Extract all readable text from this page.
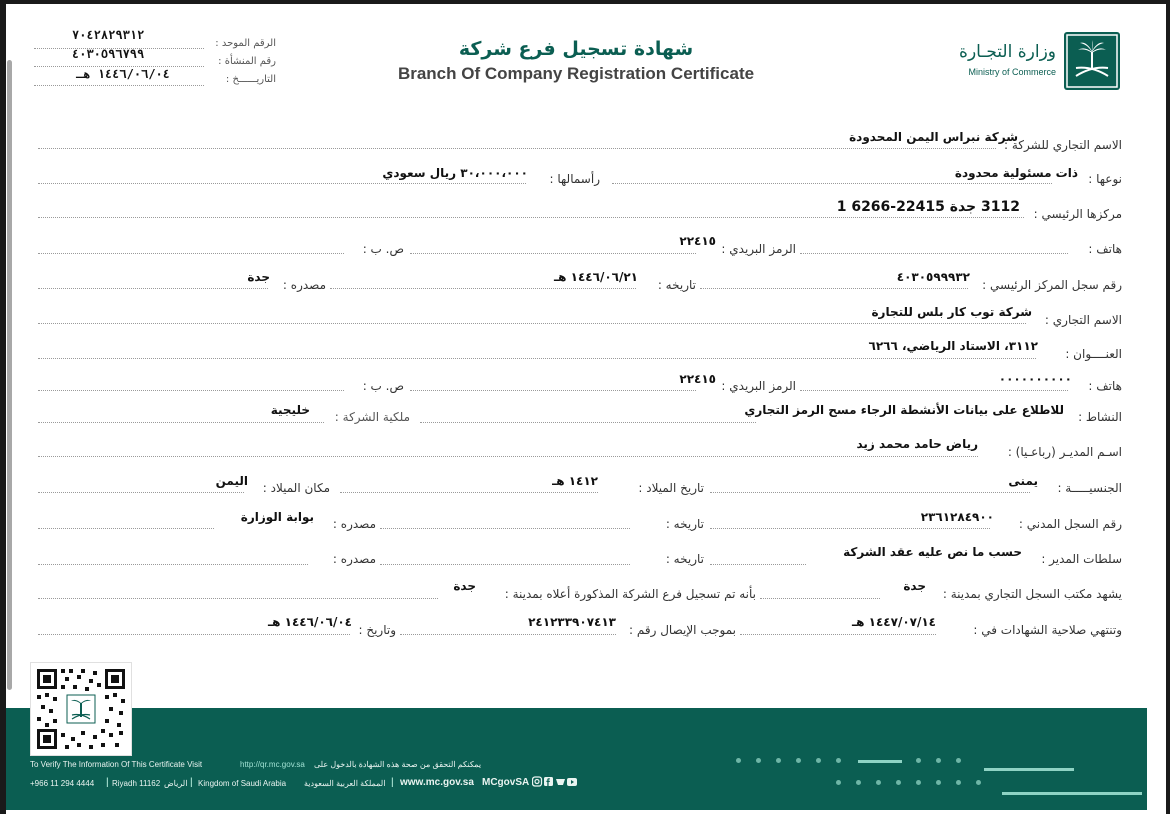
٧٠٤٢٨٢٩٣١٢
الرقم الموحد :
٤٠٣٠٥٩٦٧٩٩
رقم المنشأة :
١٤٤٦/٠٦/٠٤ هـ	التاريــــــخ :
شهادة تسجيل فرع شركة
Branch Of Company Registration Certificate
وزارة التجـارة
Ministry of Commerce
الاسم التجاري للشركة :
شركة نبراس اليمن المحدودة
نوعها :
ذات مسئولية محدودة
رأسمالها :
٣٠،٠٠٠،٠٠٠ ريال سعودي
مركزها الرئيسي :
3112 جدة 22415-6266 1
هاتف :
الرمز البريدي :
٢٢٤١٥
ص. ب :
رقم سجل المركز الرئيسي :
٤٠٣٠٥٩٩٩٣٢
تاريخه :
١٤٤٦/٠٦/٢١ هـ
مصدره :
جدة
الاسم التجاري :
شركة توب كار بلس للتجارة
العنــــوان :
٣١١٢، الاستاد الرياضي، ٦٢٦٦
هاتف :
٠٠٠٠٠٠٠٠٠٠
الرمز البريدي :
٢٢٤١٥
ص. ب :
النشاط :
للاطلاع على بيانات الأنشطة الرجاء مسح الرمز التجاري
ملكية الشركة :
خليجية
اسـم المديـر (رباعـيا) :
رياض حامد محمد زيد
الجنسيـــــة :
يمنى
تاريخ الميلاد :
١٤١٢ هـ
مكان الميلاد :
اليمن
رقم السجل المدني :
٢٣٦١٢٨٤٩٠٠
تاريخه :
مصدره :
بوابة الوزارة
سلطات المدير :
حسب ما نص عليه عقد الشركة
تاريخه :
مصدره :
يشهد مكتب السجل التجاري بمدينة :
جدة
بأنه تم تسجيل فرع الشركة المذكورة أعلاه بمدينة :
جدة
وتنتهي صلاحية الشهادات في :
١٤٤٧/٠٧/١٤ هـ
بموجب الإيصال رقم :
٢٤١٢٣٣٩٠٧٤١٣
وتاريخ :
١٤٤٦/٠٦/٠٤ هـ
To Verify The Information Of This Certificate Visit	http://qr.mc.gov.sa يمكنكم التحقق من صحة هذه الشهادة بالدخول على
+966 11 294 4444 | Riyadh 11162 الرياض | Kingdom of Saudi Arabia المملكة العربية السعودية | www.mc.gov.sa MCgovSA
